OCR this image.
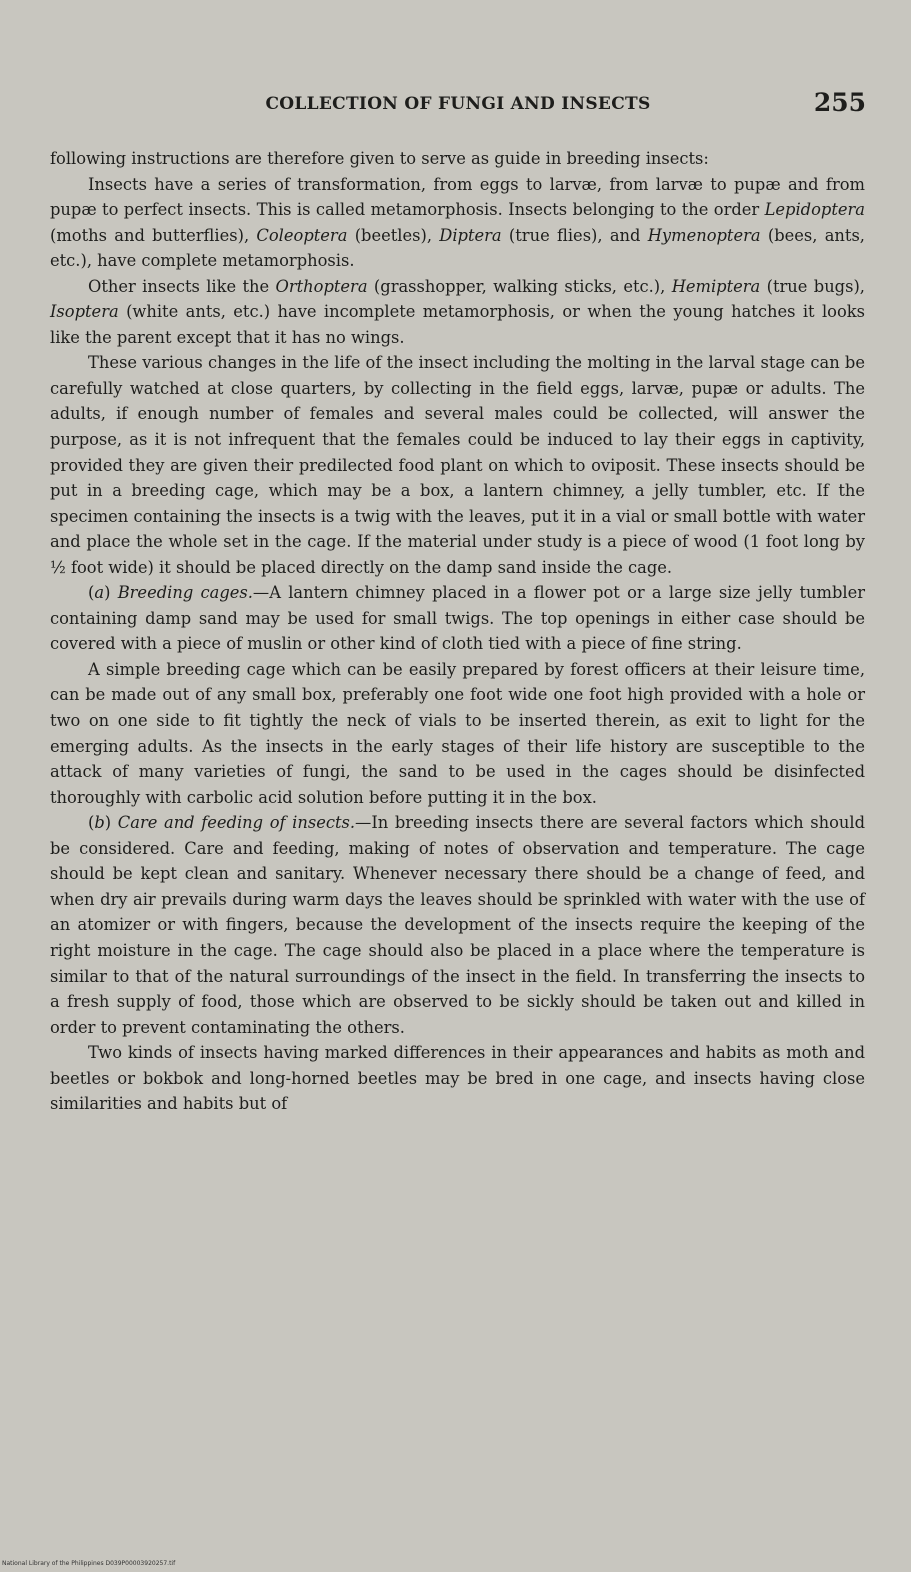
COLLECTION OF FUNGI AND INSECTS	255

following instructions are therefore given to serve as guide in breeding insects:

Insects have a series of transformation, from eggs to larvæ, from larvæ to pupæ and from pupæ to perfect insects. This is called metamorphosis. Insects belonging to the order Lepidoptera (moths and butterflies), Coleoptera (beetles), Diptera (true flies), and Hymenoptera (bees, ants, etc.), have complete metamorphosis.

Other insects like the Orthoptera (grasshopper, walking sticks, etc.), Hemiptera (true bugs), Isoptera (white ants, etc.) have incomplete metamorphosis, or when the young hatches it looks like the parent except that it has no wings.

These various changes in the life of the insect including the molting in the larval stage can be carefully watched at close quarters, by collecting in the field eggs, larvæ, pupæ or adults. The adults, if enough number of females and several males could be collected, will answer the purpose, as it is not infrequent that the females could be induced to lay their eggs in captivity, provided they are given their predilected food plant on which to oviposit. These insects should be put in a breeding cage, which may be a box, a lantern chimney, a jelly tumbler, etc. If the specimen containing the insects is a twig with the leaves, put it in a vial or small bottle with water and place the whole set in the cage. If the material under study is a piece of wood (1 foot long by ½ foot wide) it should be placed directly on the damp sand inside the cage.

(a) Breeding cages.—A lantern chimney placed in a flower pot or a large size jelly tumbler containing damp sand may be used for small twigs. The top openings in either case should be covered with a piece of muslin or other kind of cloth tied with a piece of fine string.

A simple breeding cage which can be easily prepared by forest officers at their leisure time, can be made out of any small box, preferably one foot wide one foot high provided with a hole or two on one side to fit tightly the neck of vials to be inserted therein, as exit to light for the emerging adults. As the insects in the early stages of their life history are susceptible to the attack of many varieties of fungi, the sand to be used in the cages should be disinfected thoroughly with carbolic acid solution before putting it in the box.

(b) Care and feeding of insects.—In breeding insects there are several factors which should be considered. Care and feeding, making of notes of observation and temperature. The cage should be kept clean and sanitary. Whenever necessary there should be a change of feed, and when dry air prevails during warm days the leaves should be sprinkled with water with the use of an atomizer or with fingers, because the development of the insects require the keeping of the right moisture in the cage. The cage should also be placed in a place where the temperature is similar to that of the natural surroundings of the insect in the field. In transferring the insects to a fresh supply of food, those which are observed to be sickly should be taken out and killed in order to prevent contaminating the others.

Two kinds of insects having marked differences in their appearances and habits as moth and beetles or bokbok and long-horned beetles may be bred in one cage, and insects having close similarities and habits but of

National Library of the Philippines D039P00003920257.tif
